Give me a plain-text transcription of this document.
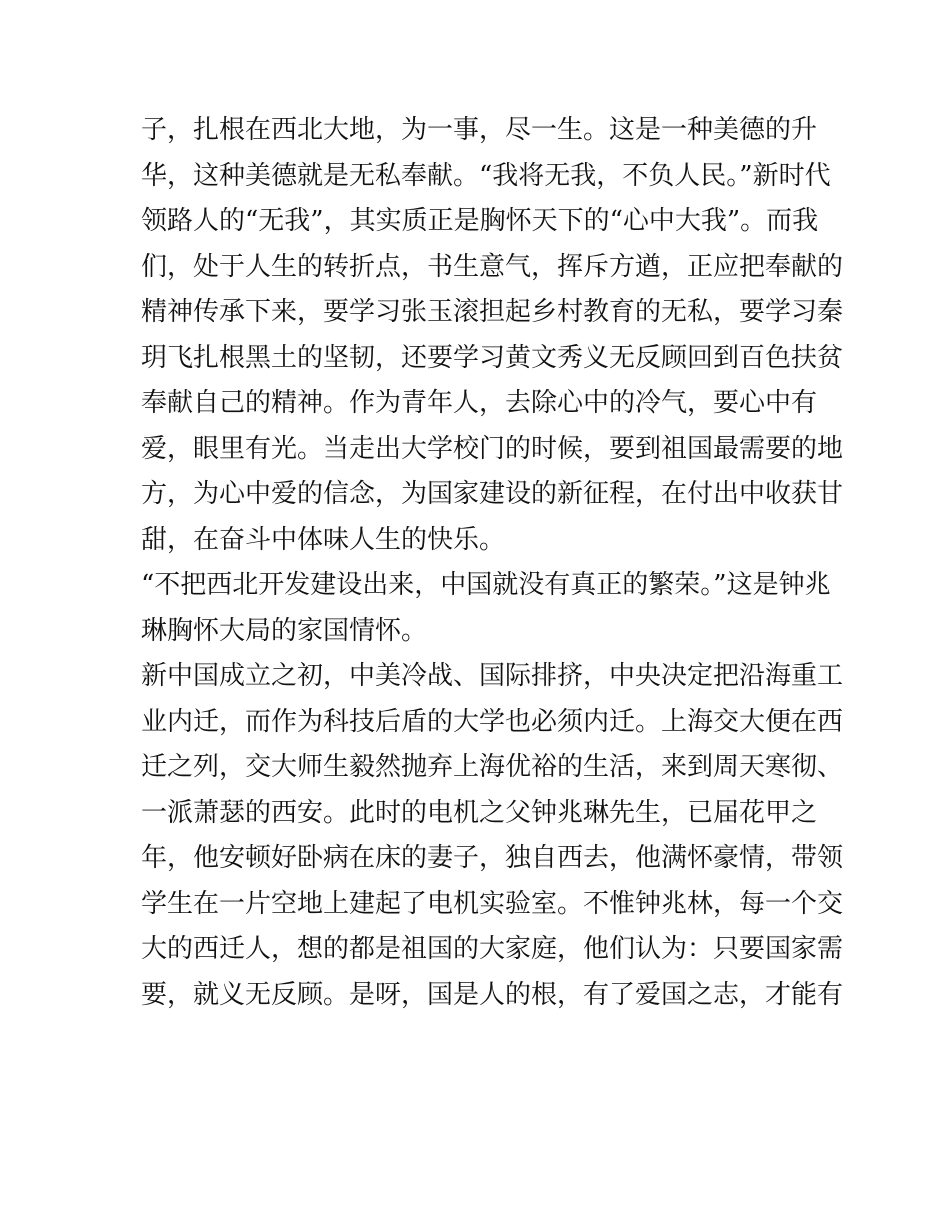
子，扎根在西北大地，为一事，尽一生。这是一种美德的升
华，这种美德就是无私奉献。“我将无我，不负人民。”新时代
领路人的“无我”，其实质正是胸怀天下的“心中大我”。而我
们，处于人生的转折点，书生意气，挥斥方遒，正应把奉献的
精神传承下来，要学习张玉滚担起乡村教育的无私，要学习秦
玥飞扎根黑土的坚韧，还要学习黄文秀义无反顾回到百色扶贫
奉献自己的精神。作为青年人，去除心中的冷气，要心中有
爱，眼里有光。当走出大学校门的时候，要到祖国最需要的地
方，为心中爱的信念，为国家建设的新征程，在付出中收获甘
甜，在奋斗中体味人生的快乐。
“不把西北开发建设出来，中国就没有真正的繁荣。”这是钟兆
琳胸怀大局的家国情怀。
新中国成立之初，中美冷战、国际排挤，中央决定把沿海重工
业内迁，而作为科技后盾的大学也必须内迁。上海交大便在西
迁之列，交大师生毅然抛弃上海优裕的生活，来到周天寒彻、
一派萧瑟的西安。此时的电机之父钟兆琳先生，已届花甲之
年，他安顿好卧病在床的妻子，独自西去，他满怀豪情，带领
学生在一片空地上建起了电机实验室。不惟钟兆林，每一个交
大的西迁人，想的都是祖国的大家庭，他们认为：只要国家需
要，就义无反顾。是呀，国是人的根，有了爱国之志，才能有
